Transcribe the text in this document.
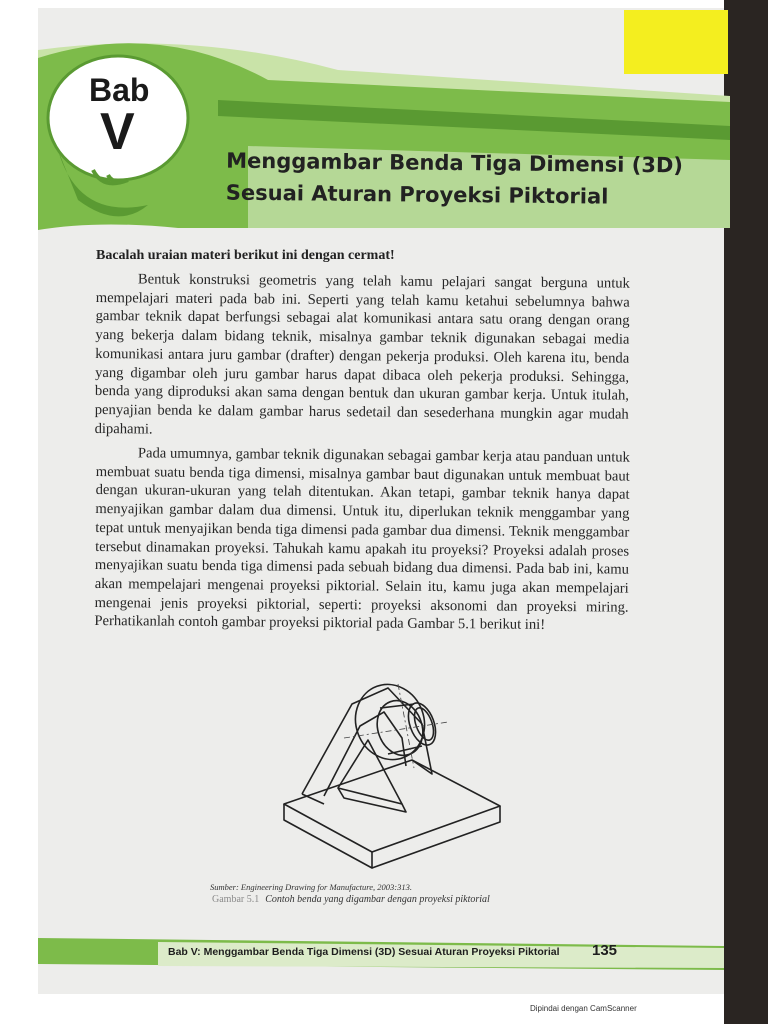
Bab
V
Menggambar Benda Tiga Dimensi (3D)
Sesuai Aturan Proyeksi Piktorial
Bacalah uraian materi berikut ini dengan cermat!
Bentuk konstruksi geometris yang telah kamu pelajari sangat berguna untuk mempelajari materi pada bab ini. Seperti yang telah kamu ketahui sebelumnya bahwa gambar teknik dapat berfungsi sebagai alat komunikasi antara satu orang dengan orang yang bekerja dalam bidang teknik, misalnya gambar teknik digunakan sebagai media komunikasi antara juru gambar (drafter) dengan pekerja produksi. Oleh karena itu, benda yang digambar oleh juru gambar harus dapat dibaca oleh pekerja produksi. Sehingga, benda yang diproduksi akan sama dengan bentuk dan ukuran gambar kerja. Untuk itulah, penyajian benda ke dalam gambar harus sedetail dan sesederhana mungkin agar mudah dipahami.
Pada umumnya, gambar teknik digunakan sebagai gambar kerja atau panduan untuk membuat suatu benda tiga dimensi, misalnya gambar baut digunakan untuk membuat baut dengan ukuran-ukuran yang telah ditentukan. Akan tetapi, gambar teknik hanya dapat menyajikan gambar dalam dua dimensi. Untuk itu, diperlukan teknik menggambar yang tepat untuk menyajikan benda tiga dimensi pada gambar dua dimensi. Teknik menggambar tersebut dinamakan proyeksi. Tahukah kamu apakah itu proyeksi? Proyeksi adalah proses menyajikan suatu benda tiga dimensi pada sebuah bidang dua dimensi. Pada bab ini, kamu akan mempelajari mengenai proyeksi piktorial. Selain itu, kamu juga akan mempelajari mengenai jenis proyeksi piktorial, seperti: proyeksi aksonomi dan proyeksi miring. Perhatikanlah contoh gambar proyeksi piktorial pada Gambar 5.1 berikut ini!
Sumber: Engineering Drawing for Manufacture, 2003:313.
Gambar 5.1 Contoh benda yang digambar dengan proyeksi piktorial
Bab V: Menggambar Benda Tiga Dimensi (3D) Sesuai Aturan Proyeksi Piktorial 135
Dipindai dengan CamScanner
